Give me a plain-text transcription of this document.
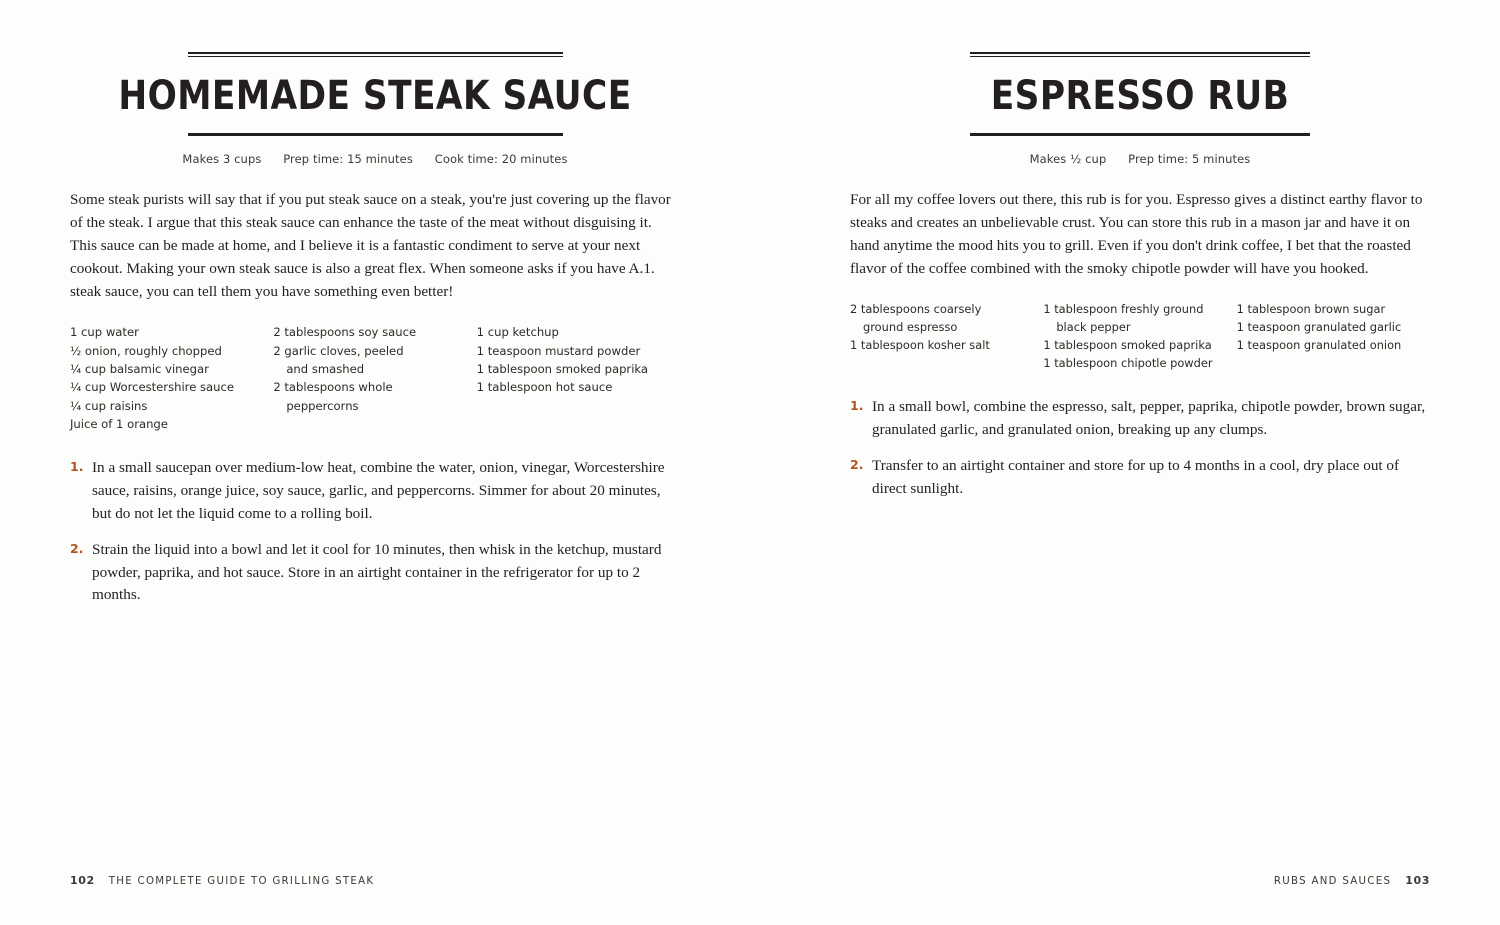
HOMEMADE STEAK SAUCE
Makes 3 cups Prep time: 15 minutes Cook time: 20 minutes

Some steak purists will say that if you put steak sauce on a steak, you're just covering up the flavor of the steak. I argue that this steak sauce can enhance the taste of the meat without disguising it. This sauce can be made at home, and I believe it is a fantastic condiment to serve at your next cookout. Making your own steak sauce is also a great flex. When someone asks if you have A.1. steak sauce, you can tell them you have something even better!

1 cup water
½ onion, roughly chopped
¼ cup balsamic vinegar
¼ cup Worcestershire sauce
¼ cup raisins
Juice of 1 orange
2 tablespoons soy sauce
2 garlic cloves, peeled
and smashed
2 tablespoons whole
peppercorns
1 cup ketchup
1 teaspoon mustard powder
1 tablespoon smoked paprika
1 tablespoon hot sauce
1. In a small saucepan over medium-low heat, combine the water, onion, vinegar, Worcestershire sauce, raisins, orange juice, soy sauce, garlic, and peppercorns. Simmer for about 20 minutes, but do not let the liquid come to a rolling boil.
2. Strain the liquid into a bowl and let it cool for 10 minutes, then whisk in the ketchup, mustard powder, paprika, and hot sauce. Store in an airtight container in the refrigerator for up to 2 months.
102 THE COMPLETE GUIDE TO GRILLING STEAK
ESPRESSO RUB
Makes ½ cup Prep time: 5 minutes

For all my coffee lovers out there, this rub is for you. Espresso gives a distinct earthy flavor to steaks and creates an unbelievable crust. You can store this rub in a mason jar and have it on hand anytime the mood hits you to grill. Even if you don't drink coffee, I bet that the roasted flavor of the coffee combined with the smoky chipotle powder will have you hooked.

2 tablespoons coarsely
ground espresso
1 tablespoon kosher salt
1 tablespoon freshly ground
black pepper
1 tablespoon smoked paprika
1 tablespoon chipotle powder
1 tablespoon brown sugar
1 teaspoon granulated garlic
1 teaspoon granulated onion
1. In a small bowl, combine the espresso, salt, pepper, paprika, chipotle powder, brown sugar, granulated garlic, and granulated onion, breaking up any clumps.
2. Transfer to an airtight container and store for up to 4 months in a cool, dry place out of direct sunlight.
RUBS AND SAUCES 103
